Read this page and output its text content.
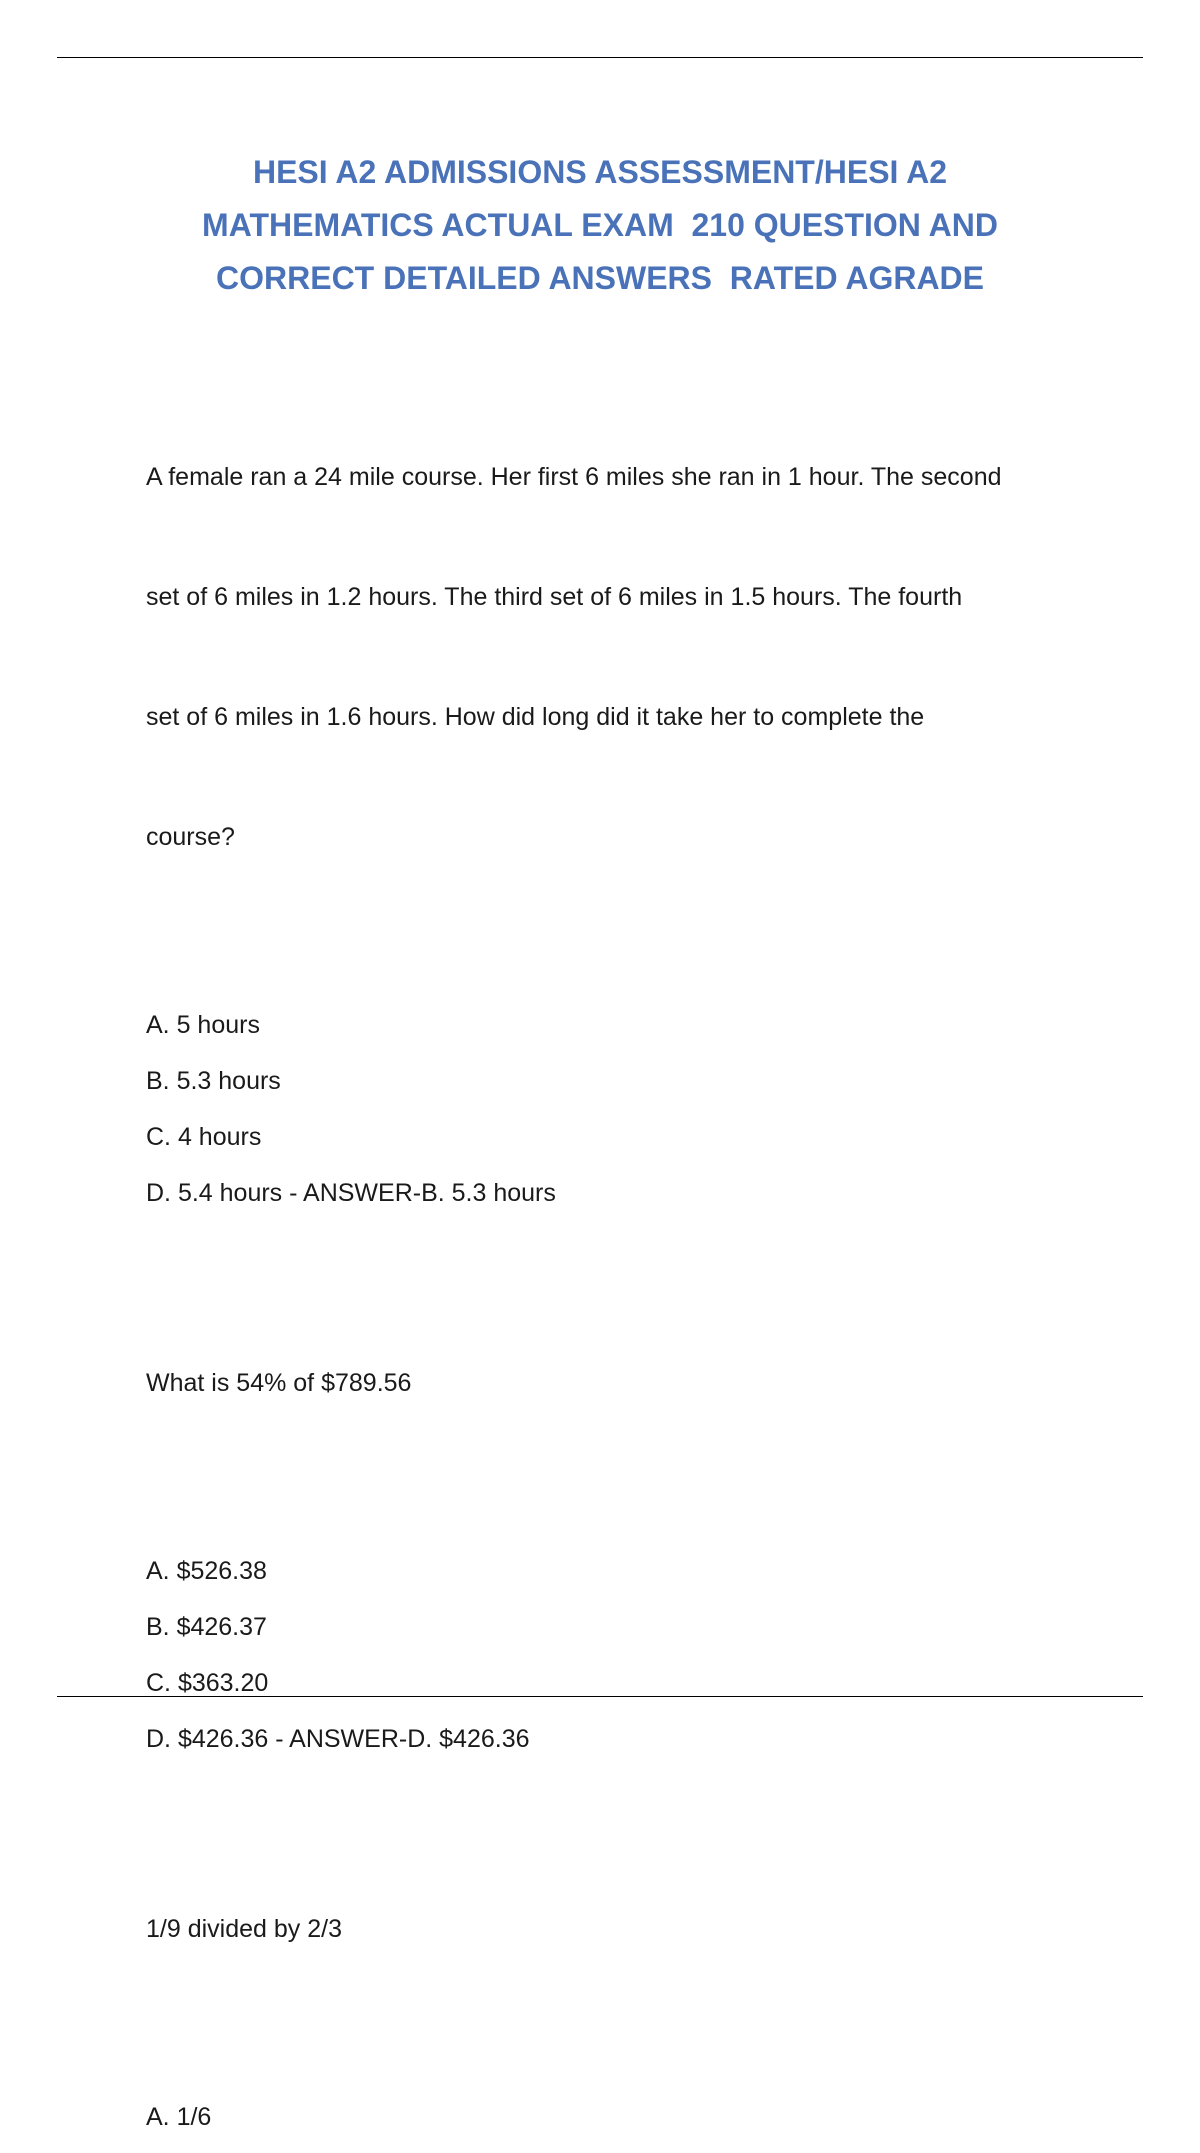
HESI A2 ADMISSIONS ASSESSMENT/HESI A2
MATHEMATICS ACTUAL EXAM  210 QUESTION AND
CORRECT DETAILED ANSWERS  RATED AGRADE

A female ran a 24 mile course. Her first 6 miles she ran in 1 hour. The second

set of 6 miles in 1.2 hours. The third set of 6 miles in 1.5 hours. The fourth

set of 6 miles in 1.6 hours. How did long did it take her to complete the

course?

A. 5 hours
B. 5.3 hours
C. 4 hours
D. 5.4 hours - ANSWER-B. 5.3 hours

What is 54% of $789.56

A. $526.38
B. $426.37
C. $363.20
D. $426.36 - ANSWER-D. $426.36

1/9 divided by 2/3

A. 1/6
